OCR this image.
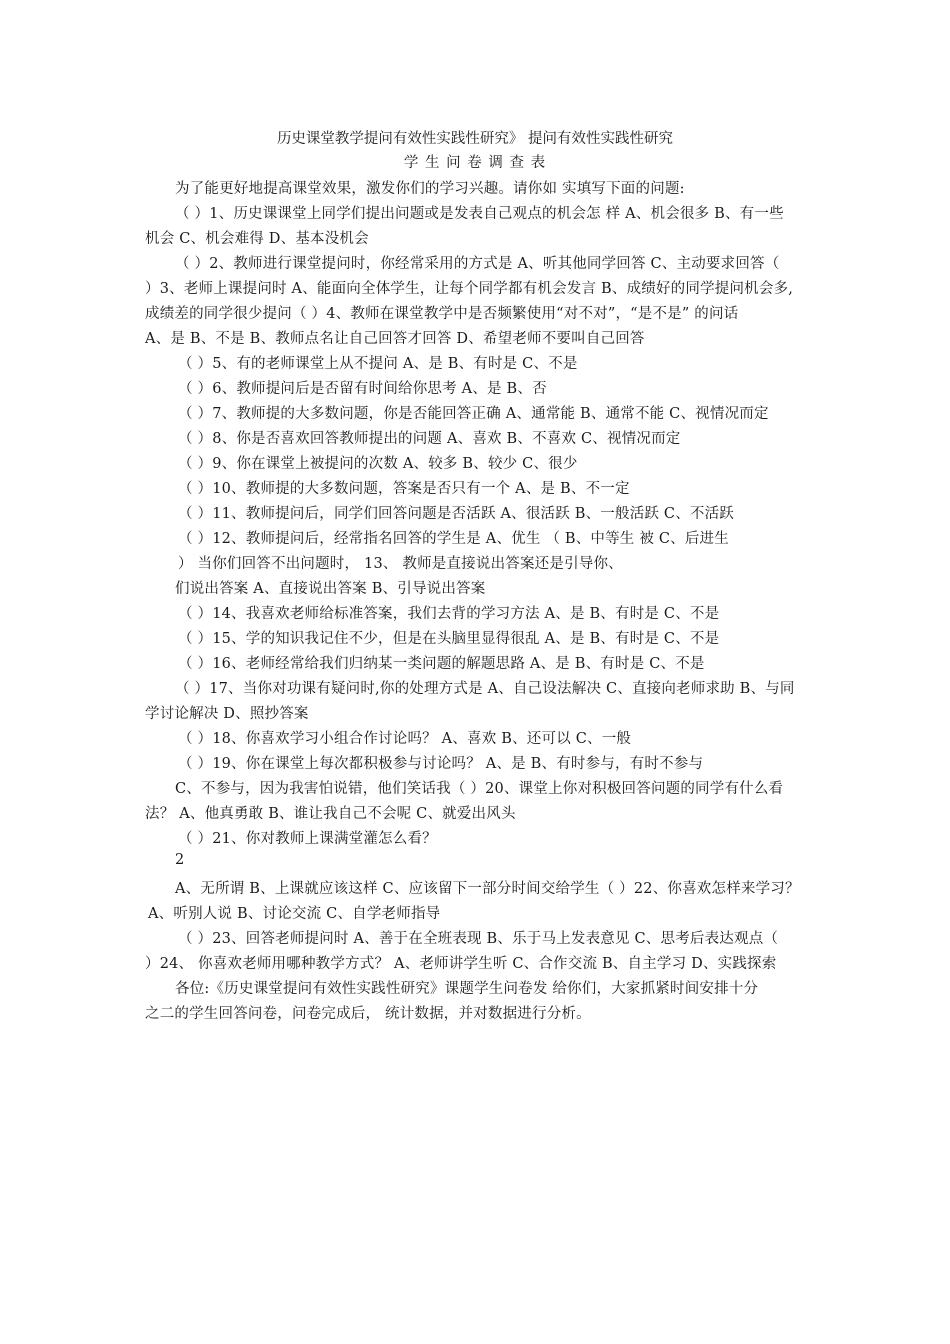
历史课堂教学提问有效性实践性研究》 提问有效性实践性研究
学 生 问 卷 调 查 表
为了能更好地提高课堂效果，激发你们的学习兴趣。请你如 实填写下面的问题:
（ ）1、历史课课堂上同学们提出问题或是发表自己观点的机会怎 样 A、机会很多 B、有一些
机会 C、机会难得 D、基本没机会
（ ）2、教师进行课堂提问时，你经常采用的方式是 A、听其他同学回答 C、主动要求回答（
）3、老师上课提问时 A、能面向全体学生，让每个同学都有机会发言 B、成绩好的同学提问机会多,
成绩差的同学很少提问（ ）4、教师在课堂教学中是否频繁使用“对不对”，“是不是” 的问话
A、是 B、不是 B、教师点名让自己回答才回答 D、希望老师不要叫自己回答
（ ）5、有的老师课堂上从不提问 A、是 B、有时是 C、不是
（ ）6、教师提问后是否留有时间给你思考 A、是 B、否
（ ）7、教师提的大多数问题，你是否能回答正确 A、通常能 B、通常不能 C、视情况而定
（ ）8、你是否喜欢回答教师提出的问题 A、喜欢 B、不喜欢 C、视情况而定
（ ）9、你在课堂上被提问的次数 A、较多 B、较少 C、很少
（ ）10、教师提的大多数问题，答案是否只有一个 A、是 B、不一定
（ ）11、教师提问后，同学们回答问题是否活跃 A、很活跃 B、一般活跃 C、不活跃
（ ）12、教师提问后，经常指名回答的学生是 A、优生 （ B、中等生 被 C、后进生
） 当你们回答不出问题时， 13、 教师是直接说出答案还是引导你、
们说出答案 A、直接说出答案 B、引导说出答案
（ ）14、我喜欢老师给标准答案，我们去背的学习方法 A、是 B、有时是 C、不是
（ ）15、学的知识我记住不少，但是在头脑里显得很乱 A、是 B、有时是 C、不是
（ ）16、老师经常给我们归纳某一类问题的解题思路 A、是 B、有时是 C、不是
（ ）17、当你对功课有疑问时,你的处理方式是 A、自己设法解决 C、直接向老师求助 B、与同
学讨论解决 D、照抄答案
（ ）18、你喜欢学习小组合作讨论吗？ A、喜欢 B、还可以 C、一般
（ ）19、你在课堂上每次都积极参与讨论吗？ A、是 B、有时参与，有时不参与
C、不参与，因为我害怕说错，他们笑话我（ ）20、课堂上你对积极回答问题的同学有什么看
法？ A、他真勇敢 B、谁让我自己不会呢 C、就爱出风头
（ ）21、你对教师上课满堂灌怎么看？
2
A、无所谓 B、上课就应该这样 C、应该留下一部分时间交给学生（ ）22、你喜欢怎样来学习？
A、听别人说 B、讨论交流 C、自学老师指导
（ ）23、回答老师提问时 A、善于在全班表现 B、乐于马上发表意见 C、思考后表达观点（
）24、 你喜欢老师用哪种教学方式？ A、老师讲学生听 C、合作交流 B、自主学习 D、实践探索
各位:《历史课堂提问有效性实践性研究》课题学生问卷发 给你们，大家抓紧时间安排十分
之二的学生回答问卷，问卷完成后， 统计数据，并对数据进行分析。
